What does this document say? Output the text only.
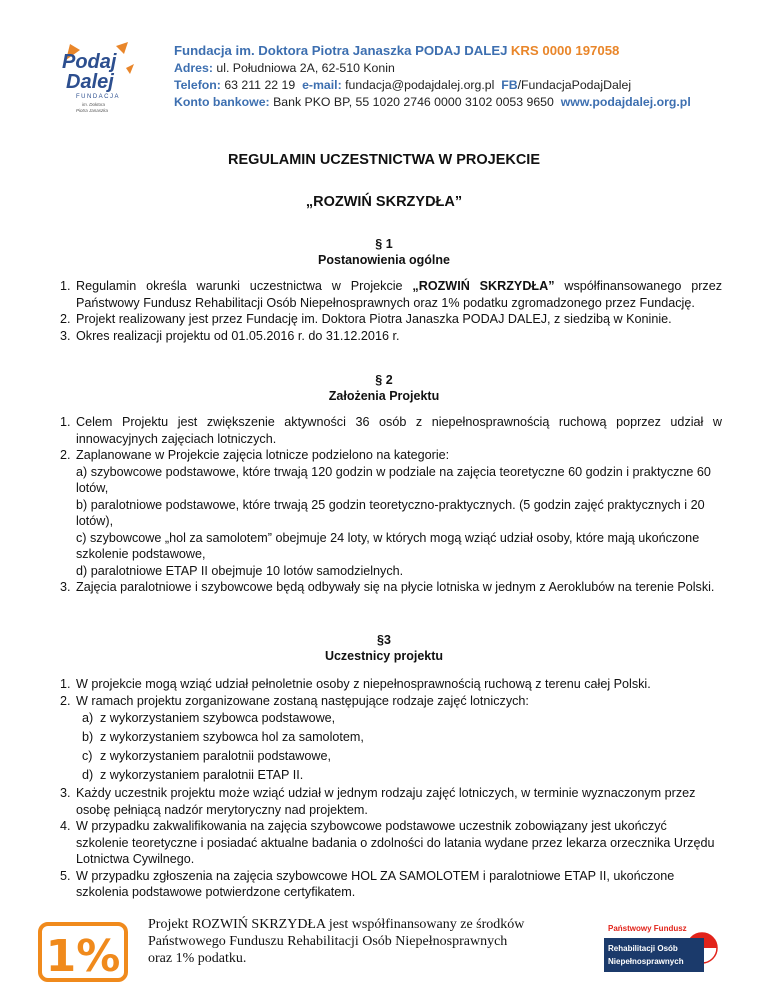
Podaj
Dalej
FUNDACJA
im. Doktora
Piotra Janaszka
Fundacja im. Doktora Piotra Janaszka PODAJ DALEJ KRS 0000 197058
Adres: ul. Południowa 2A, 62-510 Konin
Telefon: 63 211 22 19 e-mail: fundacja@podajdalej.org.pl FB/FundacjaPodajDalej
Konto bankowe: Bank PKO BP, 55 1020 2746 0000 3102 0053 9650 www.podajdalej.org.pl
REGULAMIN UCZESTNICTWA W PROJEKCIE
„ROZWIŃ SKRZYDŁA”
§ 1
Postanowienia ogólne
1. Regulamin określa warunki uczestnictwa w Projekcie „ROZWIŃ SKRZYDŁA” współfinansowanego przez Państwowy Fundusz Rehabilitacji Osób Niepełnosprawnych oraz 1% podatku zgromadzonego przez Fundację.
2. Projekt realizowany jest przez Fundację im. Doktora Piotra Janaszka PODAJ DALEJ, z siedzibą w Koninie.
3. Okres realizacji projektu od 01.05.2016 r. do 31.12.2016 r.
§ 2
Założenia Projektu
1. Celem Projektu jest zwiększenie aktywności 36 osób z niepełnosprawnością ruchową poprzez udział w innowacyjnych zajęciach lotniczych.
2. Zaplanowane w Projekcie zajęcia lotnicze podzielono na kategorie:
a) szybowcowe podstawowe, które trwają 120 godzin w podziale na zajęcia teoretyczne 60 godzin i praktyczne 60 lotów,
b) paralotniowe podstawowe, które trwają 25 godzin teoretyczno-praktycznych. (5 godzin zajęć praktycznych i 20 lotów),
c) szybowcowe „hol za samolotem” obejmuje 24 loty, w których mogą wziąć udział osoby, które mają ukończone szkolenie podstawowe,
d) paralotniowe ETAP II obejmuje 10 lotów samodzielnych.
3. Zajęcia paralotniowe i szybowcowe będą odbywały się na płycie lotniska w jednym z Aeroklubów na terenie Polski.
§3
Uczestnicy projektu
1. W projekcie mogą wziąć udział pełnoletnie osoby z niepełnosprawnością ruchową z terenu całej Polski.
2. W ramach projektu zorganizowane zostaną następujące rodzaje zajęć lotniczych:
a) z wykorzystaniem szybowca podstawowe,
b) z wykorzystaniem szybowca hol za samolotem,
c) z wykorzystaniem paralotnii podstawowe,
d) z wykorzystaniem paralotnii ETAP II.
3. Każdy uczestnik projektu może wziąć udział w jednym rodzaju zajęć lotniczych, w terminie wyznaczonym przez osobę pełniącą nadzór merytoryczny nad projektem.
4. W przypadku zakwalifikowania na zajęcia szybowcowe podstawowe uczestnik zobowiązany jest ukończyć szkolenie teoretyczne i posiadać aktualne badania o zdolności do latania wydane przez lekarza orzecznika Urzędu Lotnictwa Cywilnego.
5. W przypadku zgłoszenia na zajęcia szybowcowe HOL ZA SAMOLOTEM i paralotniowe ETAP II, ukończone szkolenia podstawowe potwierdzone certyfikatem.
1%
Projekt ROZWIŃ SKRZYDŁA jest współfinansowany ze środków
Państwowego Funduszu Rehabilitacji Osób Niepełnosprawnych
oraz 1% podatku.
Państwowy Fundusz
Rehabilitacji Osób
Niepełnosprawnych
